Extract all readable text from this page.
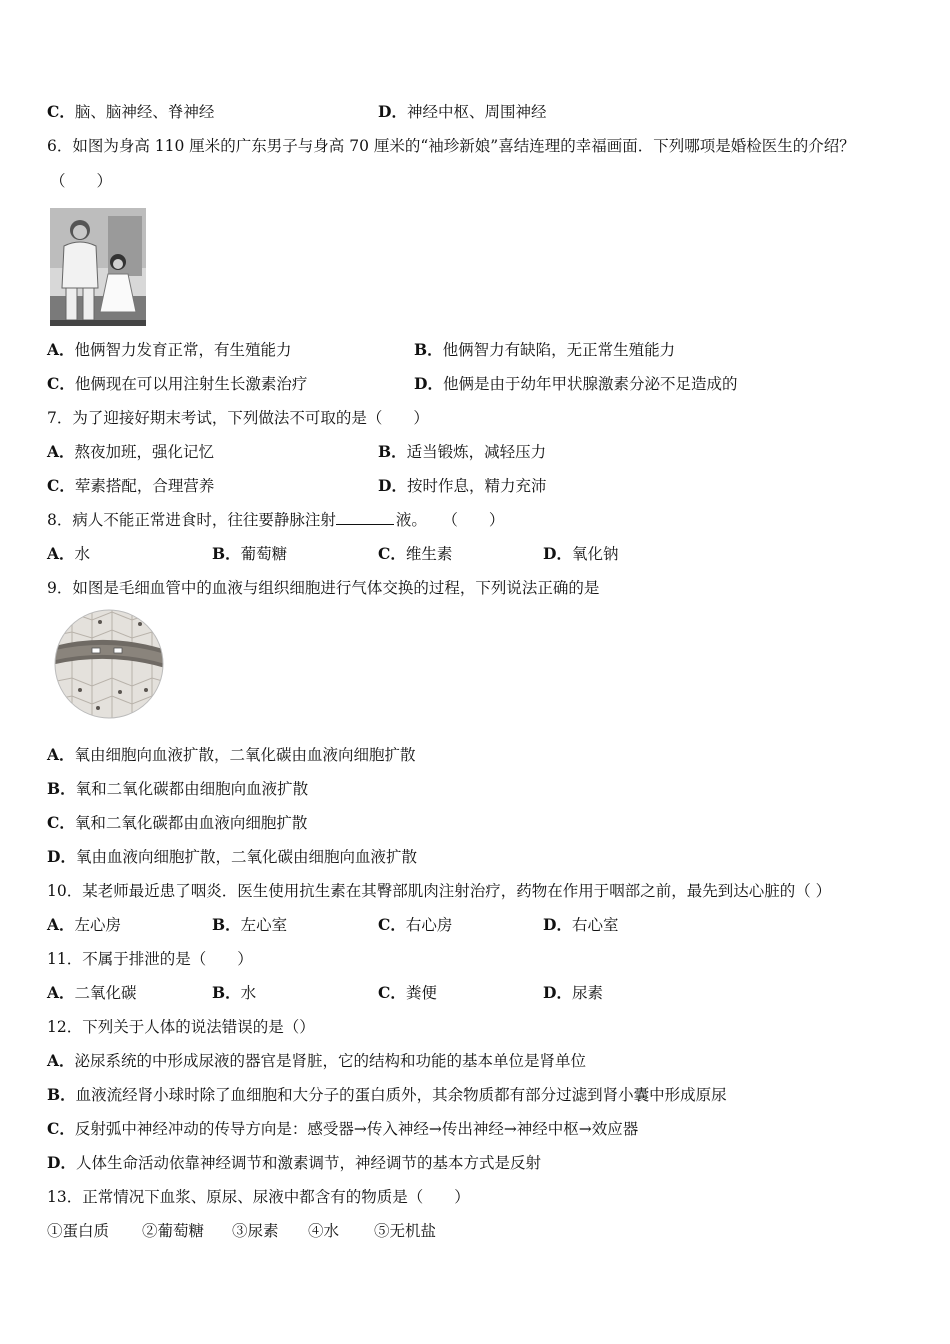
C．脑、脑神经、脊神经	D．神经中枢、周围神经
6．如图为身高 110 厘米的广东男子与身高 70 厘米的“袖珍新娘”喜结连理的幸福画面．下列哪项是婚检医生的介绍？
（　　）
A．他俩智力发育正常，有生殖能力	B．他俩智力有缺陷，无正常生殖能力
C．他俩现在可以用注射生长激素治疗	D．他俩是由于幼年甲状腺激素分泌不足造成的
7．为了迎接好期末考试，下列做法不可取的是（　　）
A．熬夜加班，强化记忆	B．适当锻炼，减轻压力
C．荤素搭配，合理营养	D．按时作息，精力充沛
8．病人不能正常进食时，往往要静脉注射	液。　　（　　）
A．水	B．葡萄糖	C．维生素	D．氧化钠
9．如图是毛细血管中的血液与组织细胞进行气体交换的过程，下列说法正确的是
A．氧由细胞向血液扩散，二氧化碳由血液向细胞扩散
B．氧和二氧化碳都由细胞向血液扩散
C．氧和二氧化碳都由血液向细胞扩散
D．氧由血液向细胞扩散，二氧化碳由细胞向血液扩散
10．某老师最近患了咽炎．医生使用抗生素在其臀部肌肉注射治疗，药物在作用于咽部之前，最先到达心脏的（ ）
A．左心房	B．左心室	C．右心房	D．右心室
11．不属于排泄的是（　　）
A．二氧化碳	B．水	C．粪便	D．尿素
12．下列关于人体的说法错误的是（）
A．泌尿系统的中形成尿液的器官是肾脏，它的结构和功能的基本单位是肾单位
B．血液流经肾小球时除了血细胞和大分子的蛋白质外，其余物质都有部分过滤到肾小囊中形成原尿
C．反射弧中神经冲动的传导方向是：感受器→传入神经→传出神经→神经中枢→效应器
D．人体生命活动依靠神经调节和激素调节，神经调节的基本方式是反射
13．正常情况下血浆、原尿、尿液中都含有的物质是（　　）
①蛋白质 ②葡萄糖 ③尿素 ④水 ⑤无机盐
